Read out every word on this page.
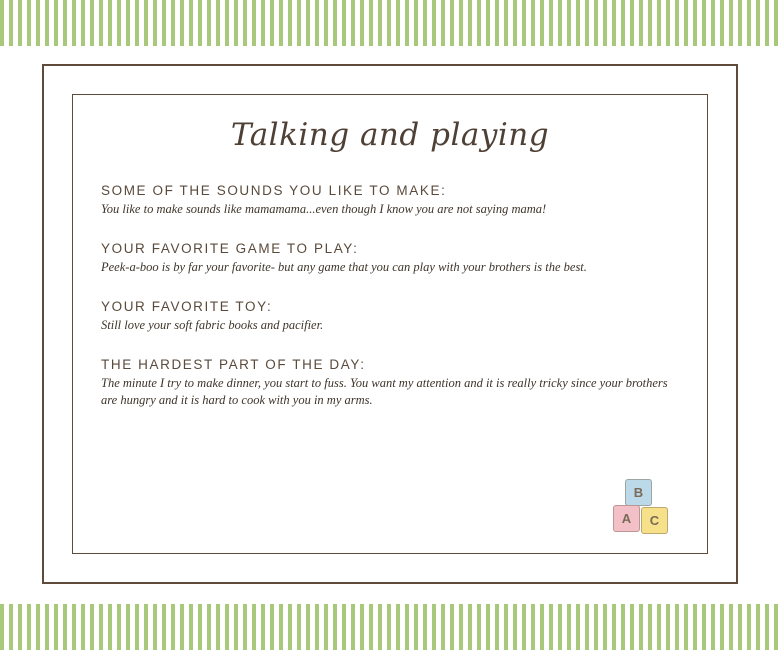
Talking and playing

SOME OF THE SOUNDS YOU LIKE TO MAKE:

You like to make sounds like mamamama...even though I know you are not saying mama!

YOUR FAVORITE GAME TO PLAY:

Peek-a-boo is by far your favorite- but any game that you can play with your brothers is the best.

YOUR FAVORITE TOY:

Still love your soft fabric books and pacifier.

THE HARDEST PART OF THE DAY:

The minute I try to make dinner, you start to fuss. You want my attention and it is really tricky since your brothers are hungry and it is hard to cook with you in my arms.

B
A	C
